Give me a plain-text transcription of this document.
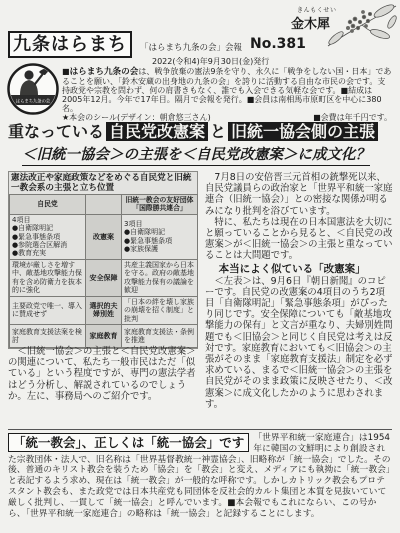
きんもくせい
金木犀
九条はらまち	「はらまち九条の会」会報 No.381
2022(令和4)年9月30日(金)発行
はらまち九条の会
■はらまち九条の会は、戦争放棄の憲法9条を守り、永久に「戦争をしない国・日本」であることを願い、「鈴木安蔵の出身地の九条の会」を誇りに活動する自由な市民の会です。支持政党や宗教を問わず、何の肩書きもなく、誰でも入会できる気軽な会です。■結成は2005年12月。今年で17年目。隔月で会報を発行。■会員は南相馬市原町区を中心に380名。
★本会のシール(デザイン：朝倉悠三さん)	■会費は年千円です。
重なっている 自民党改憲案 と 旧統一協会側の主張
＜旧統一協会＞の主張を＜自民党改憲案＞に成文化？
憲法改正や家庭政策などをめぐる自民党と旧統一教会系の主張と立ち位置
自民党		旧統一教会の友好団体「国際勝共連合」

4項目
●自衛隊明記
●緊急事態条項
●参院選合区解消
●教育充実	改憲案	3項目
●自衛隊明記
●緊急事態条項
●家族保護

環境が厳しさを増す中、敵基地攻撃能力保有を含め防衛力を抜本的に強化	安全保障	共産主義国家から日本を守る。政府の敵基地攻撃能力保有の議論を歓迎
主要政党で唯一、導入に賛成せず	選択的夫婦別姓	「日本の絆を壊し家族の崩壊を招く制度」と批判
家庭教育支援法案を検討	家庭教育	家庭教育支援法・条例を推進

＜旧統一協会＞の主張と＜自民党改憲案＞の関連について、私たち一般市民はただ「似ている」という程度ですが、専門の憲法学者はどう分析し、解説されているのでしょうか。左に、事務局へのご紹介です。

7月8日の安倍晋三元首相の銃撃死以来、自民党議員らの政治家と「世界平和統一家庭連合（旧統一協会）」との密接な関係が明るみになり批判を浴びています。

特に、私たちは現在の日本国憲法を大切にと願っていることから見ると、＜自民党の改憲案＞が＜旧統一協会＞の主張と重なっていることは大問題です。

本当によく似ている「改憲案」

＜左表＞は、9月6日『朝日新聞』のコピーです。自民党の改憲案の4項目のうち2項目「自衛隊明記」「緊急事態条項」がぴったり同じです。安全保障についても「敵基地攻撃能力の保有」と文言が重なり、夫婦別姓問題でも＜旧協会＞と同じく自民党は考えは反対です。家庭教育においても＜旧協会＞の主張がそのまま「家庭教育支援法」制定を必ず求めている、まるで＜旧統一協会＞の主張を自民党がそのまま政策に反映させたり、＜改憲案＞に成文化したかのように思わされます。

「統一教会」、正しくは「統一協会」です	「世界平和統一家庭連合」は1954年に韓国の文鮮明により創設された宗教団体・法人で、旧名称は「世界基督教統一神霊協会」、旧略称が「統一協会」でした。その後、普通のキリスト教会を装うため「協会」を「教会」と変え、メディアにも執拗に「統一教会」と表記するよう求め、現在は「統一教会」が一般的な呼称です。しかしカトリック教会もプロテスタント教会も、また政党では日本共産党も同団体を反社会的カルト集団と本質を見抜いていて厳しく批判し、一貫して「統一協会」と呼んでいます。■本会報でもこれにならい、この号から、「世界平和統一家庭連合」の略称は「統一協会」と記録することにします。
